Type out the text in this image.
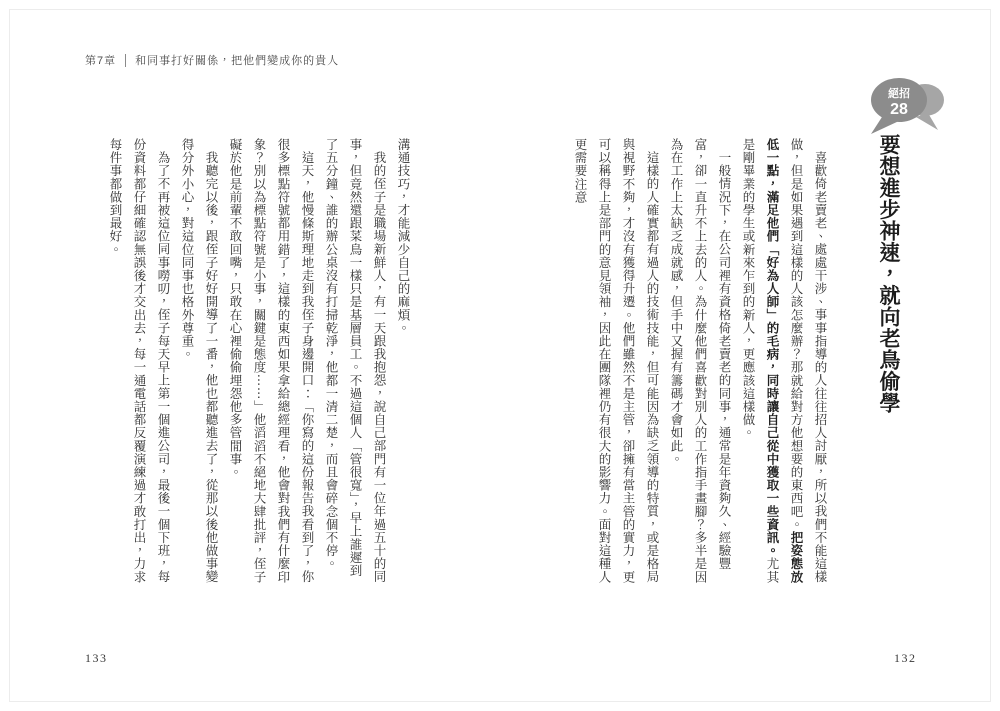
第7章 和同事打好關係，把他們變成你的貴人
絕招
28
要想進步神速，就向老鳥偷學

喜歡倚老賣老、處處干涉、事事指導的人往往招人討厭，所以我們不能這樣做，但是如果遇到這樣的人該怎麼辦？那就給對方他想要的東西吧。把姿態放低一點，滿足他們「好為人師」的毛病，同時讓自己從中獲取一些資訊。尤其是剛畢業的學生或新來乍到的新人，更應該這樣做。

一般情況下，在公司裡有資格倚老賣老的同事，通常是年資夠久、經驗豐富，卻一直升不上去的人。為什麼他們喜歡對別人的工作指手畫腳？多半是因為在工作上太缺乏成就感，但手中又握有籌碼才會如此。

這樣的人確實都有過人的技術技能，但可能因為缺乏領導的特質，或是格局與視野不夠，才沒有獲得升遷。他們雖然不是主管，卻擁有當主管的實力，更可以稱得上是部門的意見領袖，因此在團隊裡仍有很大的影響力。面對這種人更需要注意

溝通技巧，才能減少自己的麻煩。

我的侄子是職場新鮮人，有一天跟我抱怨，說自己部門有一位年過五十的同事，但竟然還跟菜鳥一樣只是基層員工。不過這個人「管很寬」，早上誰遲到了五分鐘、誰的辦公桌沒有打掃乾淨，他都一清二楚，而且會碎念個不停。

這天，他慢條斯理地走到我侄子身邊開口：「你寫的這份報告我看到了，你很多標點符號都用錯了，這樣的東西如果拿給總經理看，他會對我們有什麼印象？別以為標點符號是小事，關鍵是態度⋯⋯」他滔滔不絕地大肆批評，侄子礙於他是前輩不敢回嘴，只敢在心裡偷偷埋怨他多管閒事。

我聽完以後，跟侄子好好開導了一番，他也都聽進去了，從那以後他做事變得分外小心，對這位同事也格外尊重。

為了不再被這位同事嘮叨，侄子每天早上第一個進公司，最後一個下班，每份資料都仔細確認無誤後才交出去，每一通電話都反覆演練過才敢打出，力求每件事都做到最好。

133	132
